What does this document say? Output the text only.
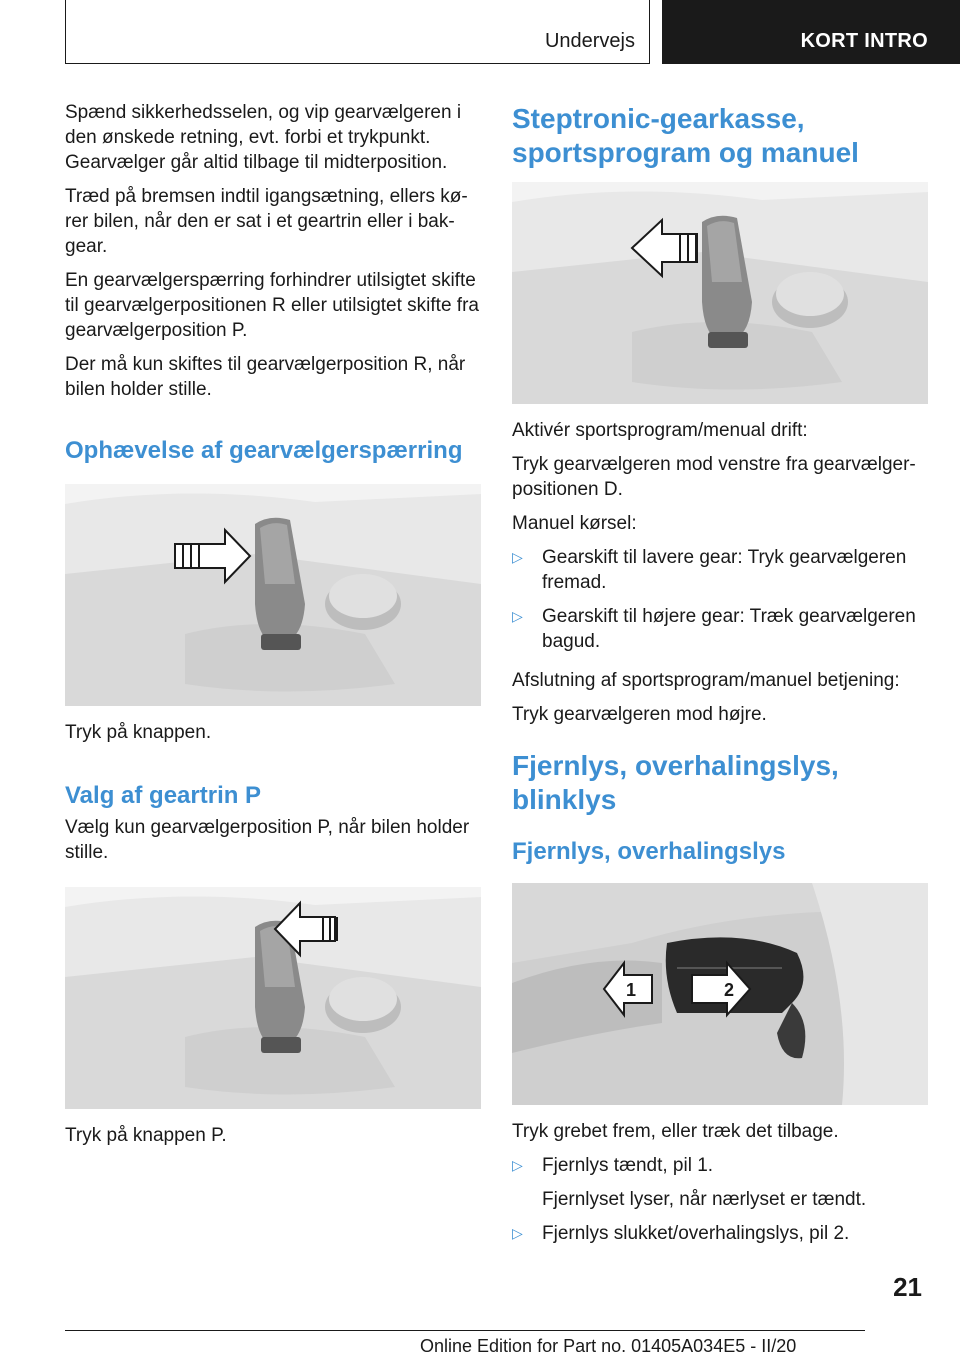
Undervejs	KORT INTRO

Spænd sikkerhedsselen, og vip gearvælgeren i den ønskede retning, evt. forbi et trykpunkt. Gearvælger går altid tilbage til midterposition.

Træd på bremsen indtil igangsætning, ellers kø‐rer bilen, når den er sat i et geartrin eller i bak‐gear.

En gearvælgerspærring forhindrer utilsigtet skifte til gearvælgerpositionen R eller utilsigtet skifte fra gearvælgerposition P.

Der må kun skiftes til gearvælgerposition R, når bilen holder stille.

Ophævelse af gearvælgerspærring

Tryk på knappen.

Valg af geartrin P

Vælg kun gearvælgerposition P, når bilen holder stille.

Tryk på knappen P.

Steptronic-gearkasse, sportsprogram og manuel

Aktivér sportsprogram/menual drift:

Tryk gearvælgeren mod venstre fra gearvælger‐positionen D.

Manuel kørsel:

▷	Gearskift til lavere gear: Tryk gearvælgeren fremad.
▷	Gearskift til højere gear: Træk gearvælgeren bagud.

Afslutning af sportsprogram/manuel betjening:

Tryk gearvælgeren mod højre.

Fjernlys, overhalingslys, blinklys
Fjernlys, overhalingslys
1	2

Tryk grebet frem, eller træk det tilbage.

▷	Fjernlys tændt, pil 1.

Fjernlyset lyser, når nærlyset er tændt.

▷	Fjernlys slukket/overhalingslys, pil 2.
21
Online Edition for Part no. 01405A034E5 - II/20
